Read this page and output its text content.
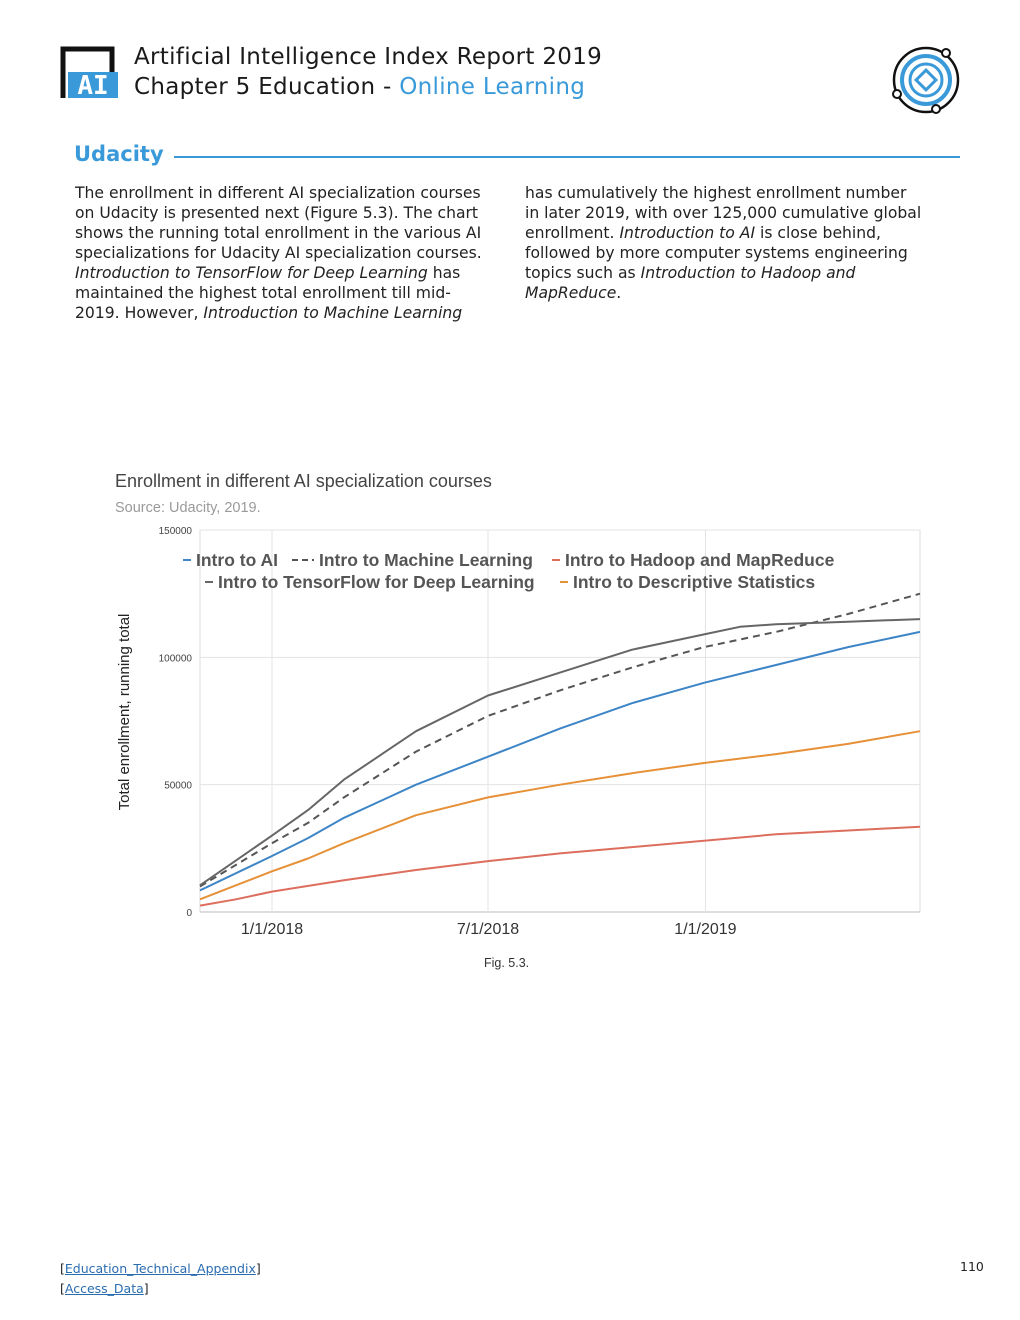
AI
Artificial Intelligence Index Report 2019
Chapter 5 Education - Online Learning
Udacity
The enrollment in different AI specialization courses
on Udacity is presented next (Figure 5.3). The chart
shows the running total enrollment in the various AI
specializations for Udacity AI specialization courses.
Introduction to TensorFlow for Deep Learning has
maintained the highest total enrollment till mid-
2019. However, Introduction to Machine Learning
has cumulatively the highest enrollment number
in later 2019, with over 125,000 cumulative global
enrollment. Introduction to AI is close behind,
followed by more computer systems engineering
topics such as Introduction to Hadoop and
MapReduce.
Enrollment in different AI specialization courses
Source: Udacity, 2019.
0
50000
100000
150000
1/1/2018	7/1/2018	1/1/2019
Total enrollment, running total
Intro to AI Intro to Machine Learning Intro to Hadoop and MapReduce
Intro to TensorFlow for Deep Learning Intro to Descriptive Statistics
Fig. 5.3.
[Education_Technical_Appendix]
[Access_Data]
110
